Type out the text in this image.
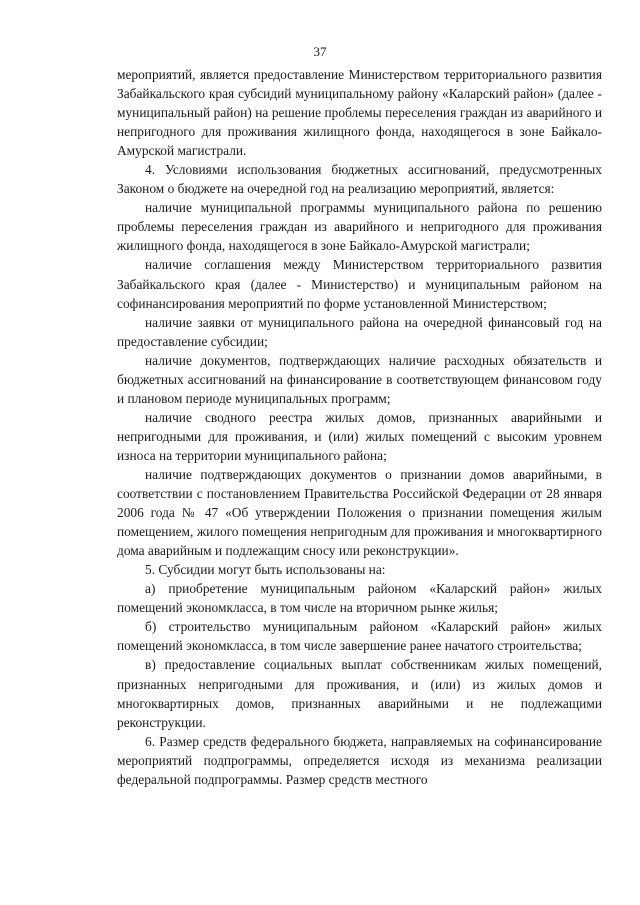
37

мероприятий, является предоставление Министерством территориального развития Забайкальского края субсидий муниципальному району «Каларский район» (далее - муниципальный район) на решение проблемы переселения граждан из аварийного и непригодного для проживания жилищного фонда, находящегося в зоне Байкало-Амурской магистрали.

4. Условиями использования бюджетных ассигнований, предусмотренных Законом о бюджете на очередной год на реализацию мероприятий, является:

наличие муниципальной программы муниципального района по решению проблемы переселения граждан из аварийного и непригодного для проживания жилищного фонда, находящегося в зоне Байкало-Амурской магистрали;

наличие соглашения между Министерством территориального развития Забайкальского края (далее - Министерство) и муниципальным районом на софинансирования мероприятий по форме установленной Министерством;

наличие заявки от муниципального района на очередной финансовый год на предоставление субсидии;

наличие документов, подтверждающих наличие расходных обязательств и бюджетных ассигнований на финансирование в соответствующем финансовом году и плановом периоде муниципальных программ;

наличие сводного реестра жилых домов, признанных аварийными и непригодными для проживания, и (или) жилых помещений с высоким уровнем износа на территории муниципального района;

наличие подтверждающих документов о признании домов аварийными, в соответствии с постановлением Правительства Российской Федерации от 28 января 2006 года № 47 «Об утверждении Положения о признании помещения жилым помещением, жилого помещения непригодным для проживания и многоквартирного дома аварийным и подлежащим сносу или реконструкции».

5. Субсидии могут быть использованы на:

а) приобретение муниципальным районом «Каларский район» жилых помещений экономкласса, в том числе на вторичном рынке жилья;

б) строительство муниципальным районом «Каларский район» жилых помещений экономкласса, в том числе завершение ранее начатого строительства;

в) предоставление социальных выплат собственникам жилых помещений, признанных непригодными для проживания, и (или) из жилых домов и многоквартирных домов, признанных аварийными и не подлежащими реконструкции.

6. Размер средств федерального бюджета, направляемых на софинансирование мероприятий подпрограммы, определяется исходя из механизма реализации федеральной подпрограммы. Размер средств местного
